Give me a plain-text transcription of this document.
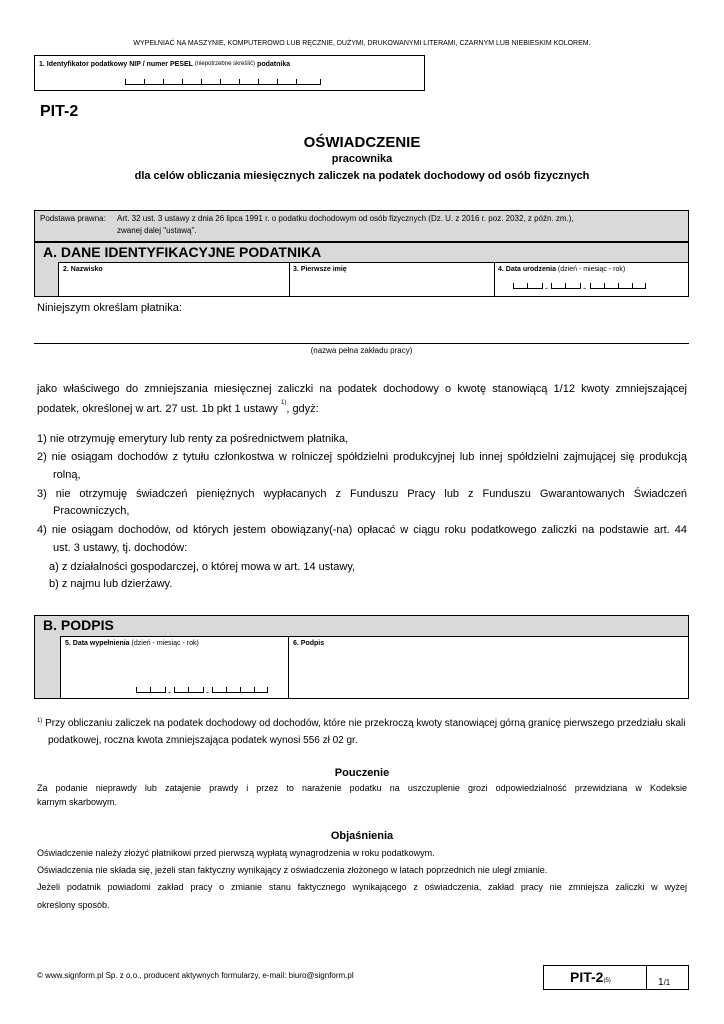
WYPEŁNIAĆ NA MASZYNIE, KOMPUTEROWO LUB RĘCZNIE, DUŻYMI, DRUKOWANYMI LITERAMI, CZARNYM LUB NIEBIESKIM KOLOREM.
1. Identyfikator podatkowy NIP / numer PESEL $^{(niepotrzebne skreślić)}$ podatnika
PIT-2
OŚWIADCZENIE
pracownika
dla celów obliczania miesięcznych zaliczek na podatek dochodowy od osób fizycznych
Podstawa prawna: Art. 32 ust. 3 ustawy z dnia 26 lipca 1991 r. o podatku dochodowym od osób fizycznych (Dz. U. z 2016 r. poz. 2032, z późn. zm.),
zwanej dalej "ustawą".
A. DANE IDENTYFIKACYJNE PODATNIKA
2. Nazwisko	3. Pierwsze imię	4. Data urodzenia (dzień - miesiąc - rok)
-	-
Niniejszym określam płatnika:
(nazwa pełna zakładu pracy)
jako właściwego do zmniejszania miesięcznej zaliczki na podatek dochodowy o kwotę stanowiącą 1/12 kwoty zmniejszającej
podatek, określonej w art. 27 ust. 1b pkt 1 ustawy $^{1)}$, gdyż:
1) nie otrzymuję emerytury lub renty za pośrednictwem płatnika,
2) nie osiągam dochodów z tytułu członkostwa w rolniczej spółdzielni produkcyjnej lub innej spółdzielni zajmującej się produkcją
rolną,
3) nie otrzymuję świadczeń pieniężnych wypłacanych z Funduszu Pracy lub z Funduszu Gwarantowanych Świadczeń
Pracowniczych,
4) nie osiągam dochodów, od których jestem obowiązany(-na) opłacać w ciągu roku podatkowego zaliczki na podstawie art. 44
ust. 3 ustawy, tj. dochodów:
a) z działalności gospodarczej, o której mowa w art. 14 ustawy,
b) z najmu lub dzierżawy.
B. PODPIS
5. Data wypełnienia (dzień - miesiąc - rok)
-	-
6. Podpis
$^{1)}$ Przy obliczaniu zaliczek na podatek dochodowy od dochodów, które nie przekroczą kwoty stanowiącej górną granicę pierwszego przedziału skali
podatkowej, roczna kwota zmniejszająca podatek wynosi 556 zł 02 gr.
Pouczenie
Za podanie nieprawdy lub zatajenie prawdy i przez to narażenie podatku na uszczuplenie grozi odpowiedzialność przewidziana w Kodeksie
karnym skarbowym.
Objaśnienia
Oświadczenie należy złożyć płatnikowi przed pierwszą wypłatą wynagrodzenia w roku podatkowym.
Oświadczenia nie składa się, jeżeli stan faktyczny wynikający z oświadczenia złożonego w latach poprzednich nie uległ zmianie.
Jeżeli podatnik powiadomi zakład pracy o zmianie stanu faktycznego wynikającego z oświadczenia, zakład pracy nie zmniejsza zaliczki w wyżej
określony sposób.
© www.signform.pl Sp. z o.o., producent aktywnych formularzy, e-mail: biuro@signform.pl	PIT-2(5)	1/1
